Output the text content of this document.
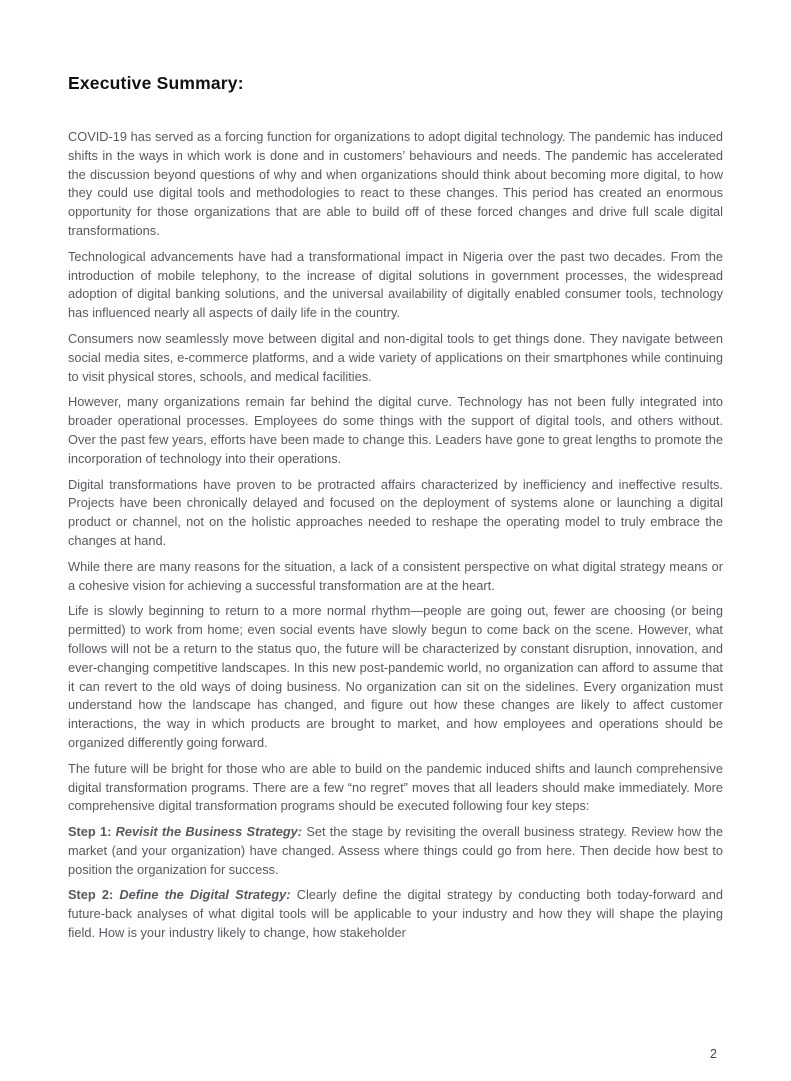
Executive Summary:

COVID-19 has served as a forcing function for organizations to adopt digital technology. The pandemic has induced shifts in the ways in which work is done and in customers’ behaviours and needs. The pandemic has accelerated the discussion beyond questions of why and when organizations should think about becoming more digital, to how they could use digital tools and methodologies to react to these changes. This period has created an enormous opportunity for those organizations that are able to build off of these forced changes and drive full scale digital transformations.

Technological advancements have had a transformational impact in Nigeria over the past two decades. From the introduction of mobile telephony, to the increase of digital solutions in government processes, the widespread adoption of digital banking solutions, and the universal availability of digitally enabled consumer tools, technology has influenced nearly all aspects of daily life in the country.

Consumers now seamlessly move between digital and non-digital tools to get things done. They navigate between social media sites, e-commerce platforms, and a wide variety of applications on their smartphones while continuing to visit physical stores, schools, and medical facilities.

However, many organizations remain far behind the digital curve. Technology has not been fully integrated into broader operational processes. Employees do some things with the support of digital tools, and others without. Over the past few years, efforts have been made to change this. Leaders have gone to great lengths to promote the incorporation of technology into their operations.

Digital transformations have proven to be protracted affairs characterized by inefficiency and ineffective results. Projects have been chronically delayed and focused on the deployment of systems alone or launching a digital product or channel, not on the holistic approaches needed to reshape the operating model to truly embrace the changes at hand.

While there are many reasons for the situation, a lack of a consistent perspective on what digital strategy means or a cohesive vision for achieving a successful transformation are at the heart.

Life is slowly beginning to return to a more normal rhythm—people are going out, fewer are choosing (or being permitted) to work from home; even social events have slowly begun to come back on the scene. However, what follows will not be a return to the status quo, the future will be characterized by constant disruption, innovation, and ever-changing competitive landscapes. In this new post-pandemic world, no organization can afford to assume that it can revert to the old ways of doing business. No organization can sit on the sidelines. Every organization must understand how the landscape has changed, and figure out how these changes are likely to affect customer interactions, the way in which products are brought to market, and how employees and operations should be organized differently going forward.

The future will be bright for those who are able to build on the pandemic induced shifts and launch comprehensive digital transformation programs. There are a few “no regret” moves that all leaders should make immediately. More comprehensive digital transformation programs should be executed following four key steps:

Step 1: Revisit the Business Strategy: Set the stage by revisiting the overall business strategy. Review how the market (and your organization) have changed. Assess where things could go from here. Then decide how best to position the organization for success.

Step 2: Define the Digital Strategy: Clearly define the digital strategy by conducting both today-forward and future-back analyses of what digital tools will be applicable to your industry and how they will shape the playing field. How is your industry likely to change, how stakeholder

2
